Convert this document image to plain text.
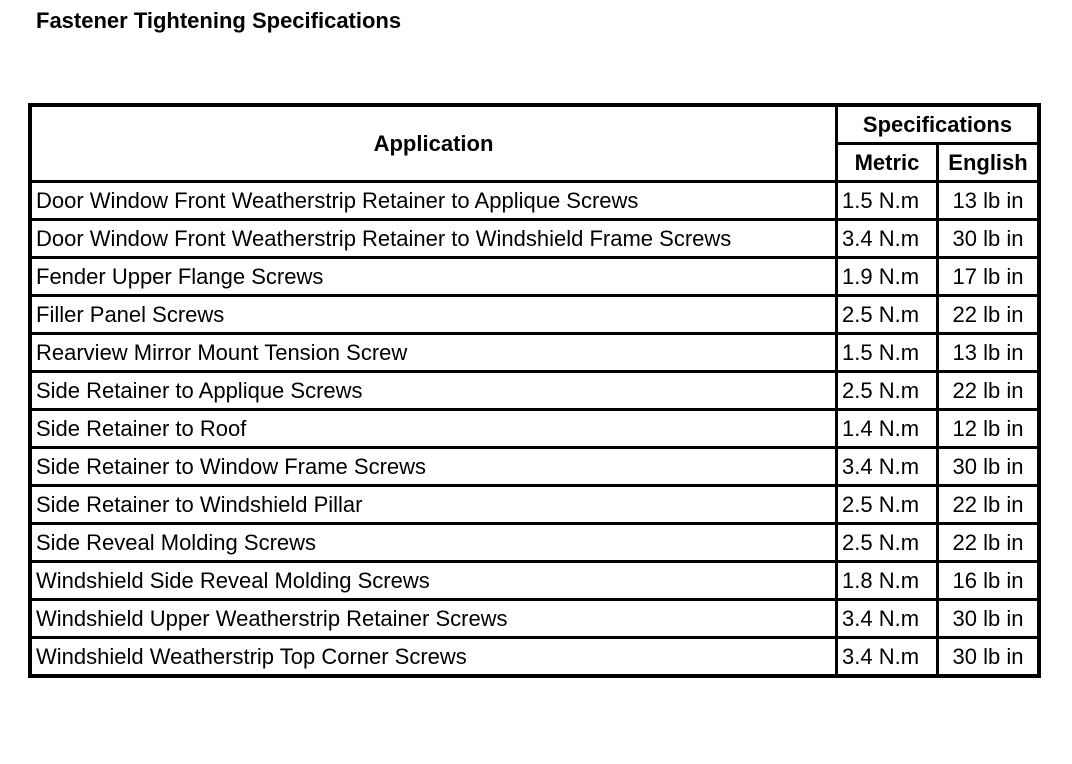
Fastener Tightening Specifications
Application	Specifications	
	Metric	English
Door Window Front Weatherstrip Retainer to Applique Screws	1.5 N.m	13 lb in
Door Window Front Weatherstrip Retainer to Windshield Frame Screws	3.4 N.m	30 lb in
Fender Upper Flange Screws	1.9 N.m	17 lb in
Filler Panel Screws	2.5 N.m	22 lb in
Rearview Mirror Mount Tension Screw	1.5 N.m	13 lb in
Side Retainer to Applique Screws	2.5 N.m	22 lb in
Side Retainer to Roof	1.4 N.m	12 lb in
Side Retainer to Window Frame Screws	3.4 N.m	30 lb in
Side Retainer to Windshield Pillar	2.5 N.m	22 lb in
Side Reveal Molding Screws	2.5 N.m	22 lb in
Windshield Side Reveal Molding Screws	1.8 N.m	16 lb in
Windshield Upper Weatherstrip Retainer Screws	3.4 N.m	30 lb in
Windshield Weatherstrip Top Corner Screws	3.4 N.m	30 lb in
